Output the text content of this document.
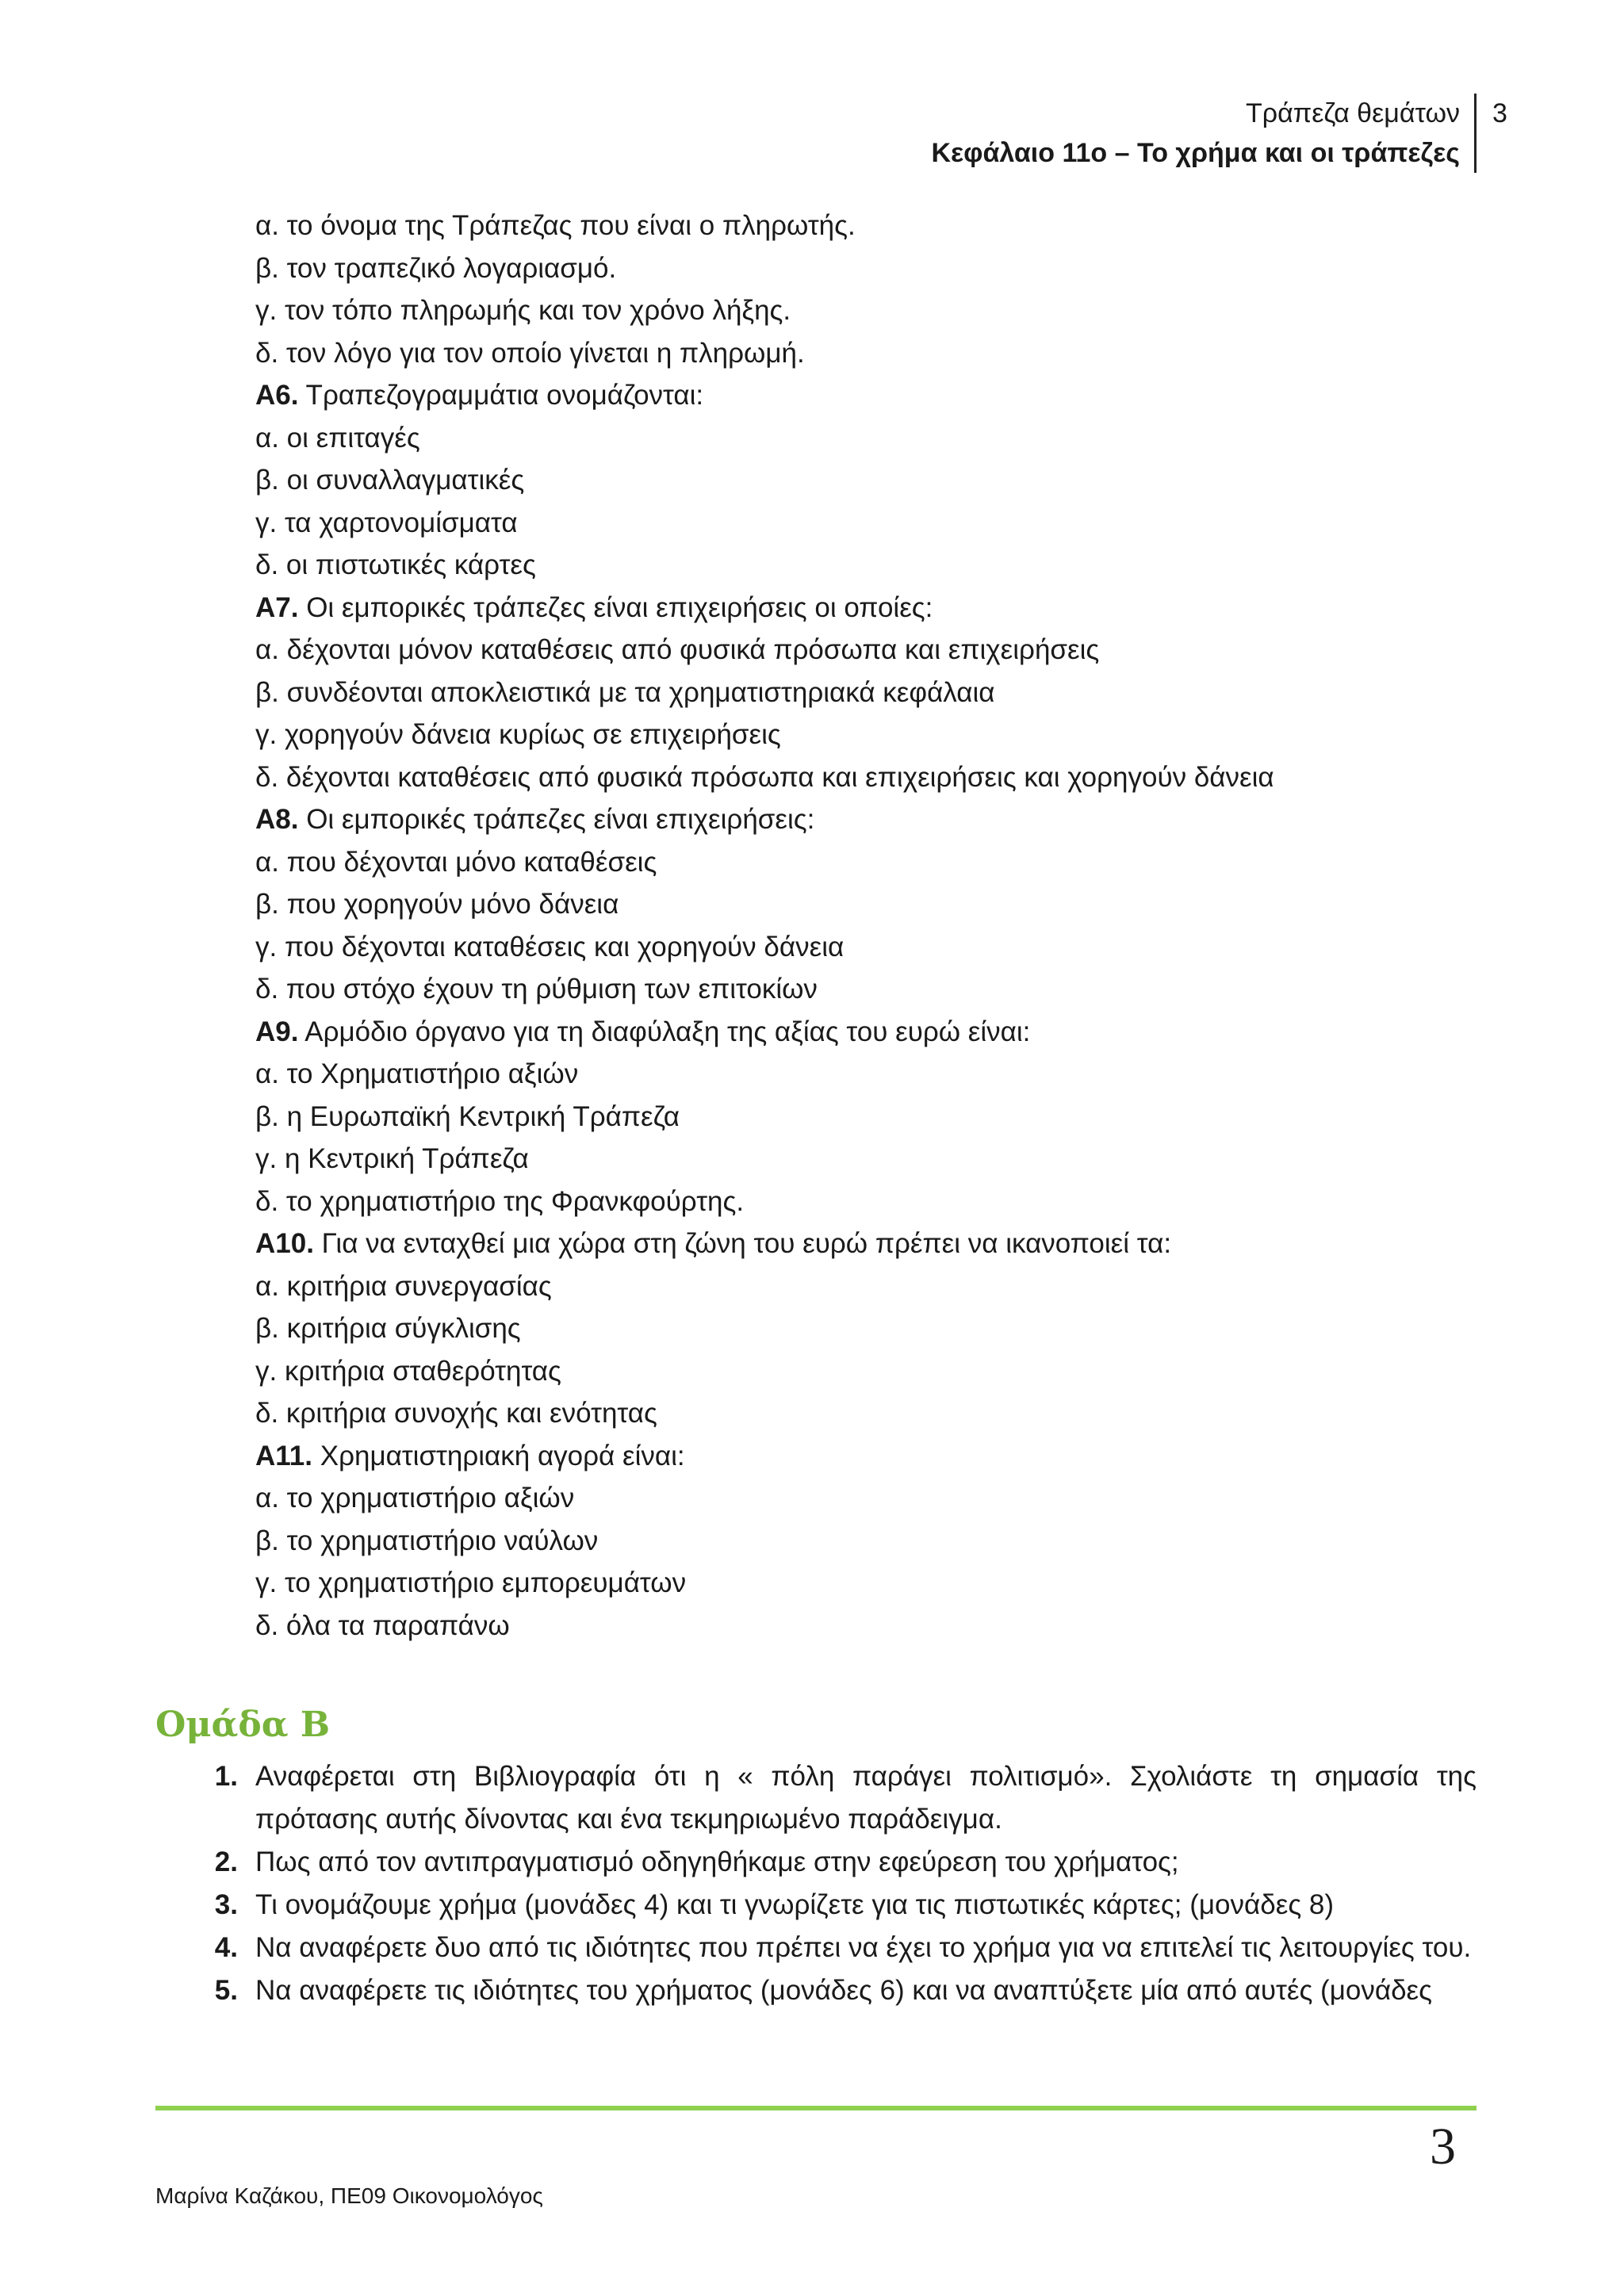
Τράπεζα θεμάτων
Κεφάλαιο 11ο – Το χρήμα και οι τράπεζες
3
α. το όνομα της Τράπεζας που είναι ο πληρωτής.
β. τον τραπεζικό λογαριασμό.
γ. τον τόπο πληρωμής και τον χρόνο λήξης.
δ. τον λόγο για τον οποίο γίνεται η πληρωμή.
Α6. Τραπεζογραμμάτια ονομάζονται:
α. οι επιταγές
β. οι συναλλαγματικές
γ. τα χαρτονομίσματα
δ. οι πιστωτικές κάρτες
Α7. Οι εμπορικές τράπεζες είναι επιχειρήσεις οι οποίες:
α. δέχονται μόνον καταθέσεις από φυσικά πρόσωπα και επιχειρήσεις
β. συνδέονται αποκλειστικά με τα χρηματιστηριακά κεφάλαια
γ. χορηγούν δάνεια κυρίως σε επιχειρήσεις
δ. δέχονται καταθέσεις από φυσικά πρόσωπα και επιχειρήσεις και χορηγούν δάνεια
Α8. Οι εμπορικές τράπεζες είναι επιχειρήσεις:
α. που δέχονται μόνο καταθέσεις
β. που χορηγούν μόνο δάνεια
γ. που δέχονται καταθέσεις και χορηγούν δάνεια
δ. που στόχο έχουν τη ρύθμιση των επιτοκίων
Α9. Αρμόδιο όργανο για τη διαφύλαξη της αξίας του ευρώ είναι:
α. το Χρηματιστήριο αξιών
β. η Ευρωπαϊκή Κεντρική Τράπεζα
γ. η Κεντρική Τράπεζα
δ. το χρηματιστήριο της Φρανκφούρτης.
Α10. Για να ενταχθεί μια χώρα στη ζώνη του ευρώ πρέπει να ικανοποιεί τα:
α. κριτήρια συνεργασίας
β. κριτήρια σύγκλισης
γ. κριτήρια σταθερότητας
δ. κριτήρια συνοχής και ενότητας
Α11. Χρηματιστηριακή αγορά είναι:
α. το χρηματιστήριο αξιών
β. το χρηματιστήριο ναύλων
γ. το χρηματιστήριο εμπορευμάτων
δ. όλα τα παραπάνω
Ομάδα Β
1. Αναφέρεται στη Βιβλιογραφία ότι η « πόλη παράγει πολιτισμό». Σχολιάστε τη σημασία της πρότασης αυτής δίνοντας και ένα τεκμηριωμένο παράδειγμα.
2. Πως από τον αντιπραγματισμό οδηγηθήκαμε στην εφεύρεση του χρήματος;
3. Τι ονομάζουμε χρήμα (μονάδες 4) και τι γνωρίζετε για τις πιστωτικές κάρτες; (μονάδες 8)
4. Να αναφέρετε δυο από τις ιδιότητες που πρέπει να έχει το χρήμα για να επιτελεί τις λειτουργίες του.
5. Να αναφέρετε τις ιδιότητες του χρήματος (μονάδες 6) και να αναπτύξετε μία από αυτές (μονάδες
3
Μαρίνα Καζάκου, ΠΕ09 Οικονομολόγος
